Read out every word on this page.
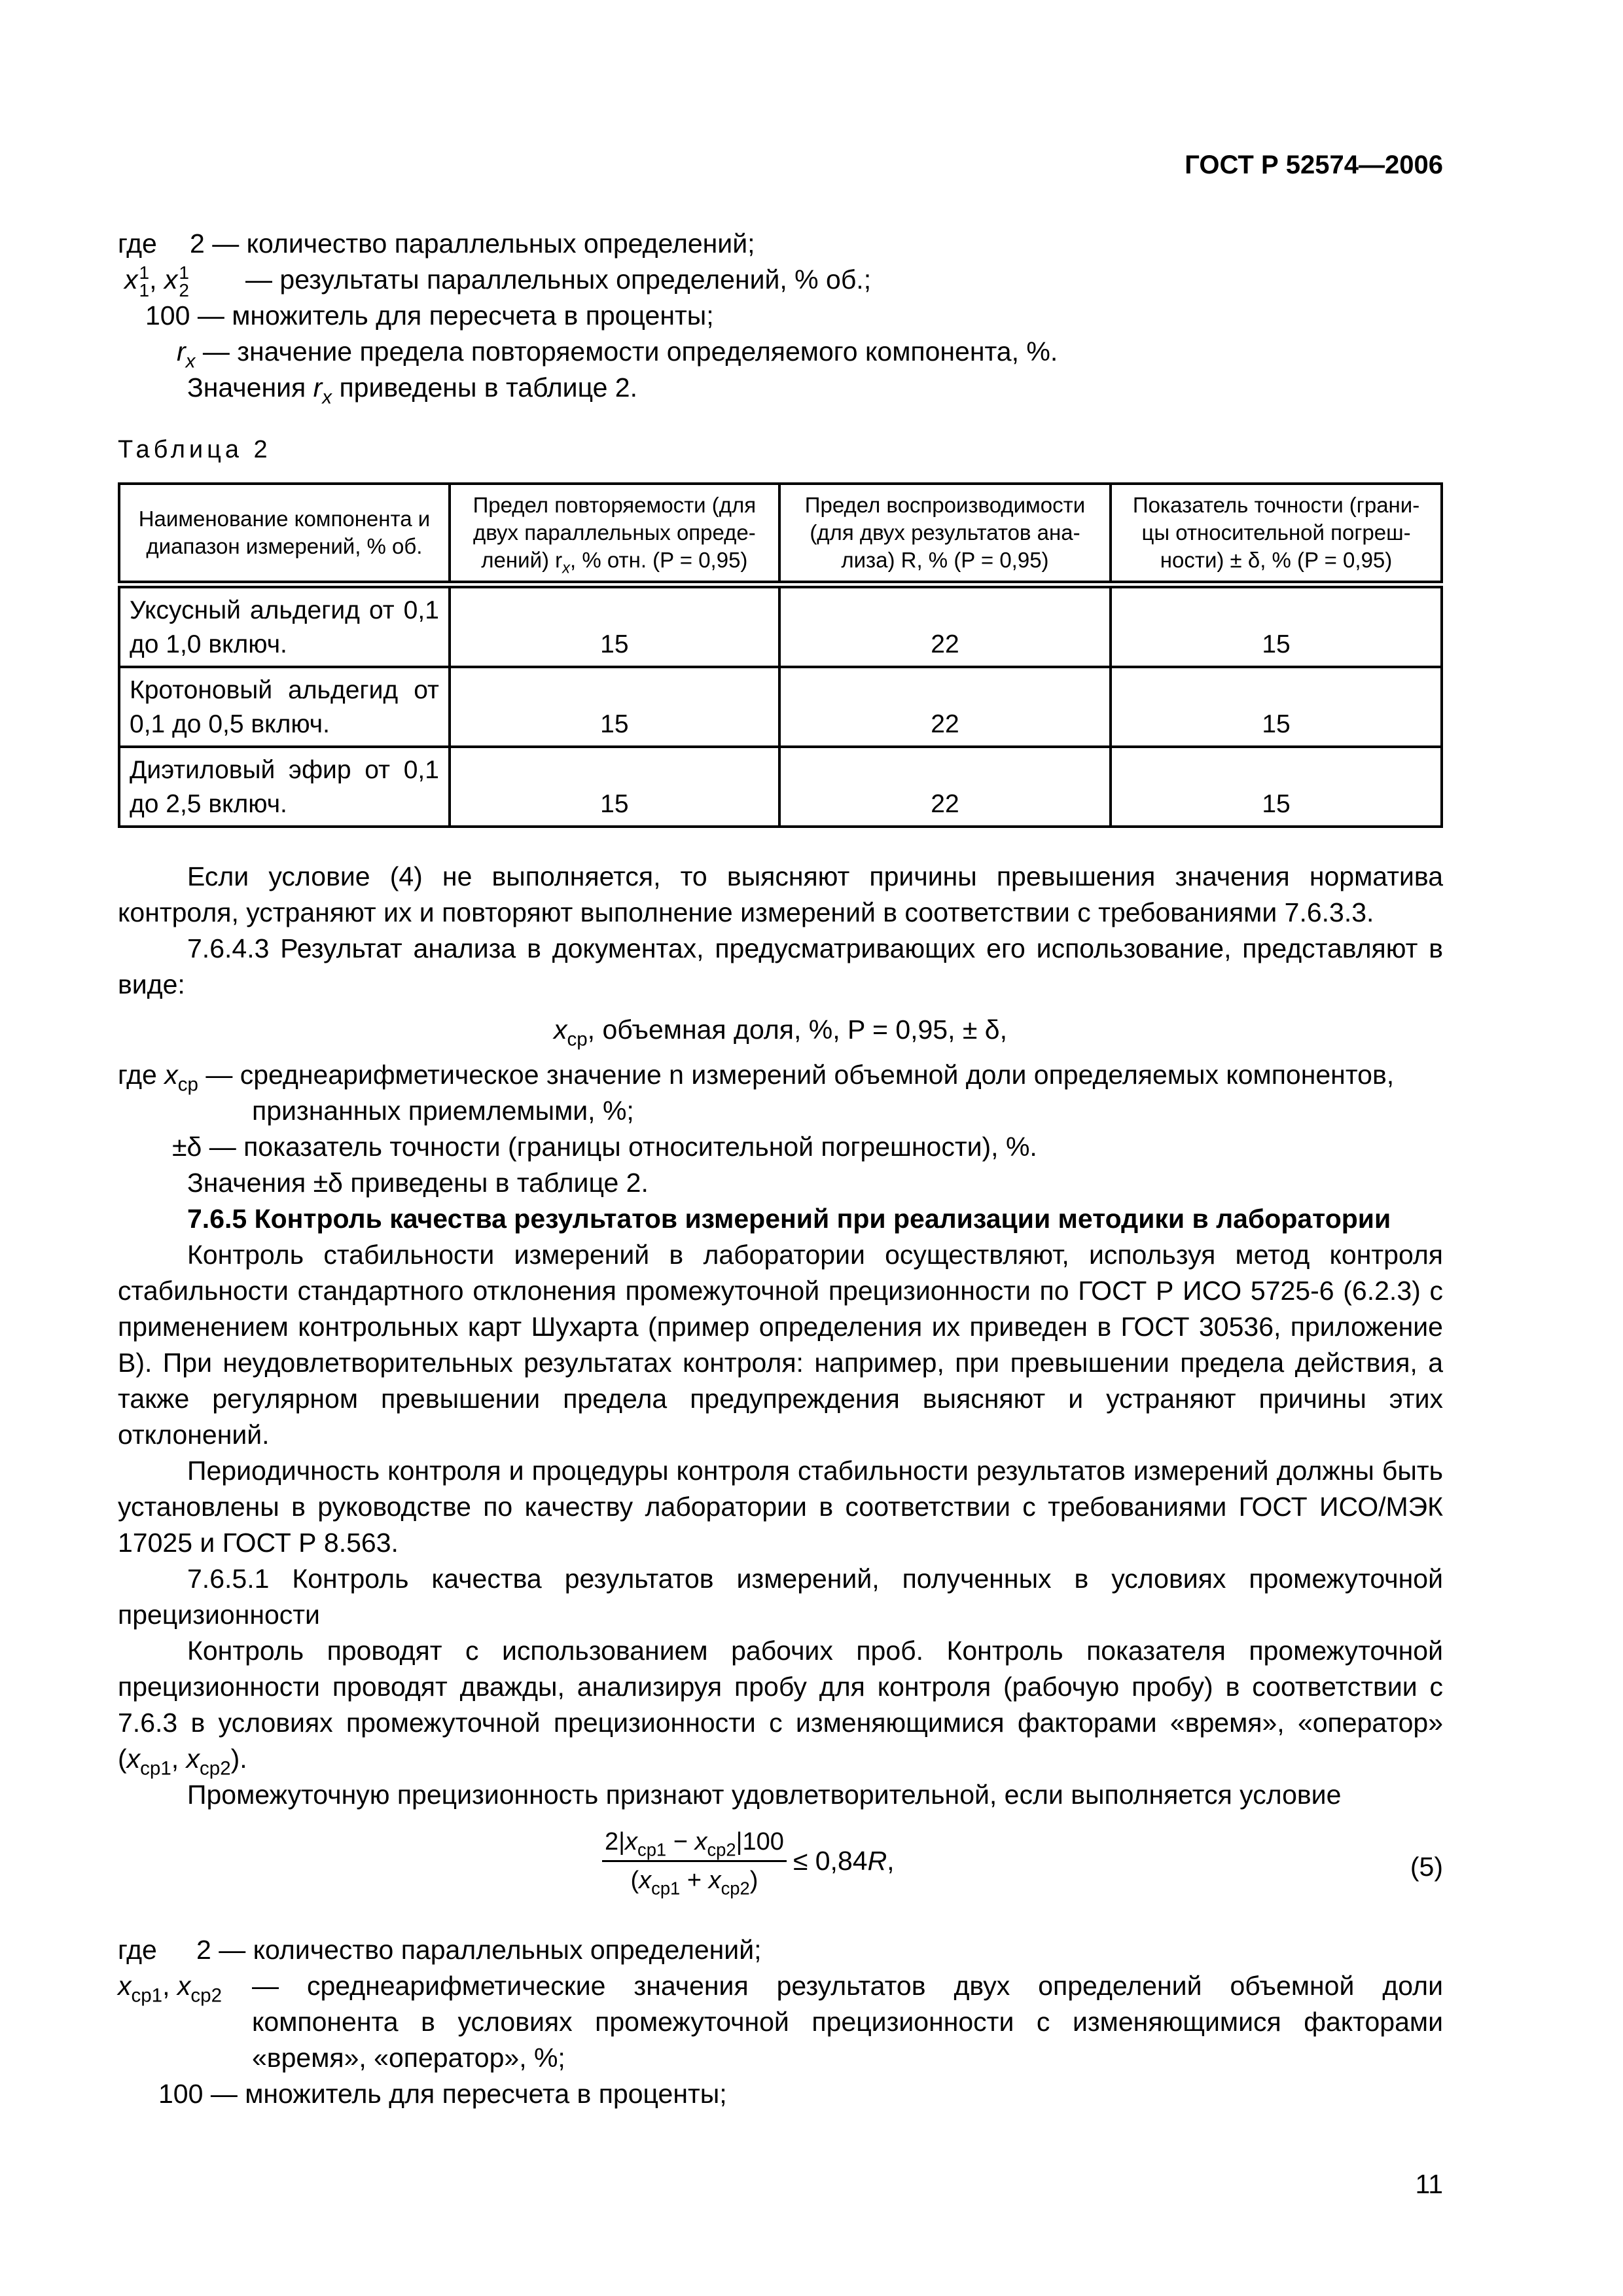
ГОСТ Р 52574—2006
где 2 — количество параллельных определений;
x 1
1 , x 1
2 — результаты параллельных определений, % об.;
100 — множитель для пересчета в проценты;
$r_x$ — значение предела повторяемости определяемого компонента, %.
Значения $r_x$ приведены в таблице 2.
Таблица 2
Наименование компонента и диапазон измерений, % об.	Предел повторяемости (для двух параллельных опреде-лений) $r_x$, % отн. (P = 0,95)	Предел воспроизводимости (для двух результатов ана-лиза) R, % (P = 0,95)	Показатель точности (грани-цы относительной погреш-ности) ± δ, % (P = 0,95)
Уксусный альдегид от 0,1 до 1,0 включ.	15	22	15
Кротоновый альдегид от 0,1 до 0,5 включ.	15	22	15
Диэтиловый эфир от 0,1 до 2,5 включ.	15	22	15

Если условие (4) не выполняется, то выясняют причины превышения значения норматива контроля, устраняют их и повторяют выполнение измерений в соответствии с требованиями 7.6.3.3.

7.6.4.3 Результат анализа в документах, предусматривающих его использование, представляют в виде:

$x_{ср}$, объемная доля, %, P = 0,95, ± δ,

где $x_{ср}$ — среднеарифметическое значение n измерений объемной доли определяемых компонентов,
признанных приемлемыми, %;
±δ — показатель точности (границы относительной погрешности), %.
Значения ±δ приведены в таблице 2.

7.6.5 Контроль качества результатов измерений при реализации методики в лаборатории

Контроль стабильности измерений в лаборатории осуществляют, используя метод контроля стабильности стандартного отклонения промежуточной прецизионности по ГОСТ Р ИСО 5725-6 (6.2.3) с применением контрольных карт Шухарта (пример определения их приведен в ГОСТ 30536, приложение В). При неудовлетворительных результатах контроля: например, при превышении предела действия, а также регулярном превышении предела предупреждения выясняют и устраняют причины этих отклонений.

Периодичность контроля и процедуры контроля стабильности результатов измерений должны быть установлены в руководстве по качеству лаборатории в соответствии с требованиями ГОСТ ИСО/МЭК 17025 и ГОСТ Р 8.563.

7.6.5.1 Контроль качества результатов измерений, полученных в условиях промежуточной прецизионности

Контроль проводят с использованием рабочих проб. Контроль показателя промежуточной прецизионности проводят дважды, анализируя пробу для контроля (рабочую пробу) в соответствии с 7.6.3 в условиях промежуточной прецизионности с изменяющимися факторами «время», «оператор» ($x_{ср1}$, $x_{ср2}$).

Промежуточную прецизионность признают удовлетворительной, если выполняется условие

$\frac{2|x_{ср1} - x_{ср2}|100}{(x_{ср1} + x_{ср2})} \le 0,84R$,	(5)
где 2 — количество параллельных определений;
$x_{ср1}$, $x_{ср2}$ — среднеарифметические значения результатов двух определений объемной доли компонента в условиях промежуточной прецизионности с изменяющимися факторами «время», «оператор», %;
100 — множитель для пересчета в проценты;
11
